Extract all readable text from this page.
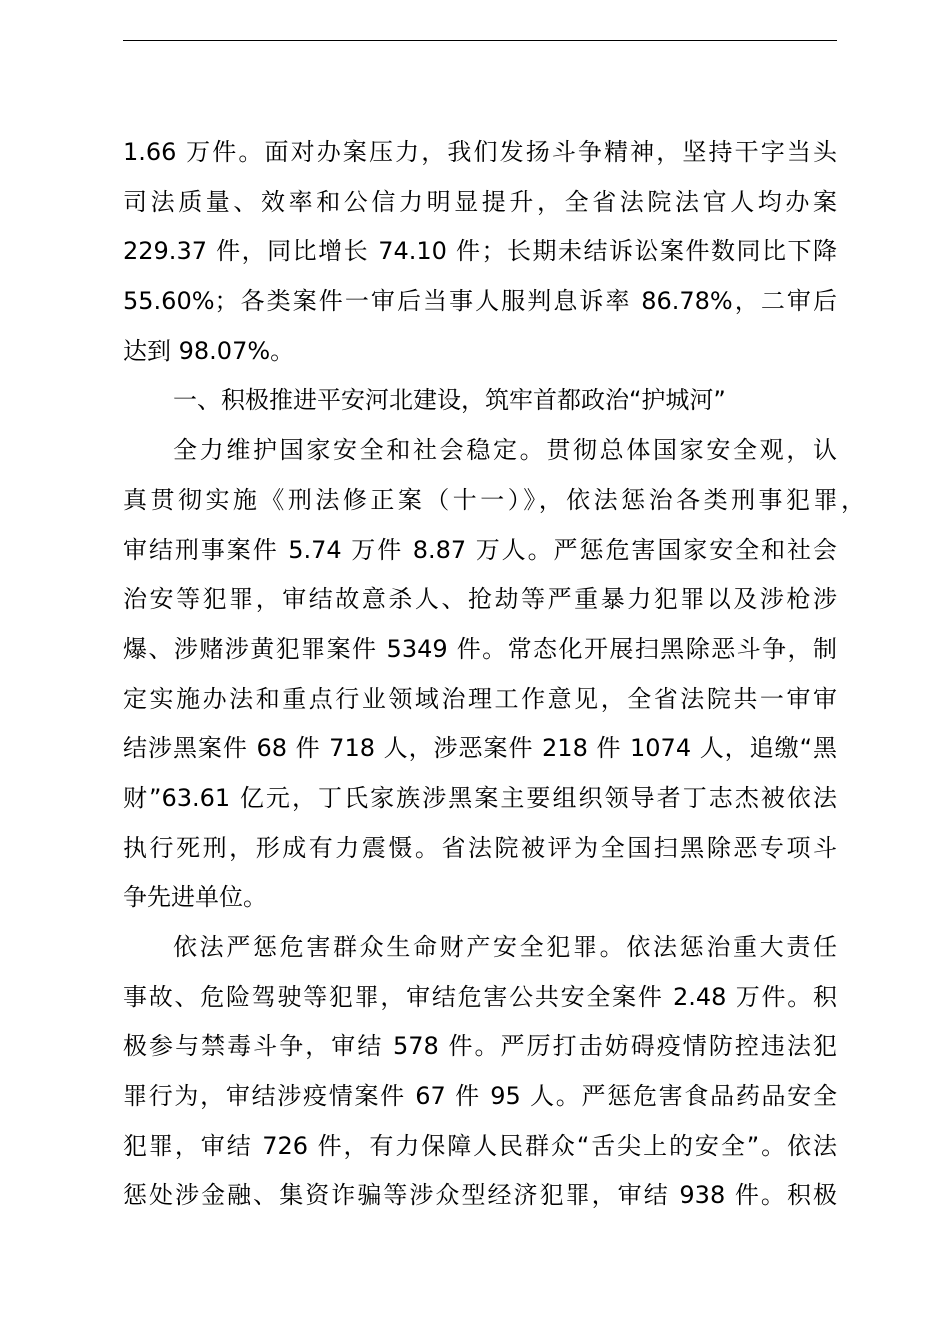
1.66 万件。面对办案压力，我们发扬斗争精神，坚持干字当头
司法质量、效率和公信力明显提升，全省法院法官人均办案
229.37 件，同比增长 74.10 件；长期未结诉讼案件数同比下降
55.60%；各类案件一审后当事人服判息诉率 86.78%，二审后
达到 98.07%。
一、积极推进平安河北建设，筑牢首都政治“护城河”
全力维护国家安全和社会稳定。贯彻总体国家安全观，认
真贯彻实施《刑法修正案（十一）》，依法惩治各类刑事犯罪，
审结刑事案件 5.74 万件 8.87 万人。严惩危害国家安全和社会
治安等犯罪，审结故意杀人、抢劫等严重暴力犯罪以及涉枪涉
爆、涉赌涉黄犯罪案件 5349 件。常态化开展扫黑除恶斗争，制
定实施办法和重点行业领域治理工作意见，全省法院共一审审
结涉黑案件 68 件 718 人，涉恶案件 218 件 1074 人，追缴“黑
财”63.61 亿元，丁氏家族涉黑案主要组织领导者丁志杰被依法
执行死刑，形成有力震慑。省法院被评为全国扫黑除恶专项斗
争先进单位。
依法严惩危害群众生命财产安全犯罪。依法惩治重大责任
事故、危险驾驶等犯罪，审结危害公共安全案件 2.48 万件。积
极参与禁毒斗争，审结 578 件。严厉打击妨碍疫情防控违法犯
罪行为，审结涉疫情案件 67 件 95 人。严惩危害食品药品安全
犯罪，审结 726 件，有力保障人民群众“舌尖上的安全”。依法
惩处涉金融、集资诈骗等涉众型经济犯罪，审结 938 件。积极
